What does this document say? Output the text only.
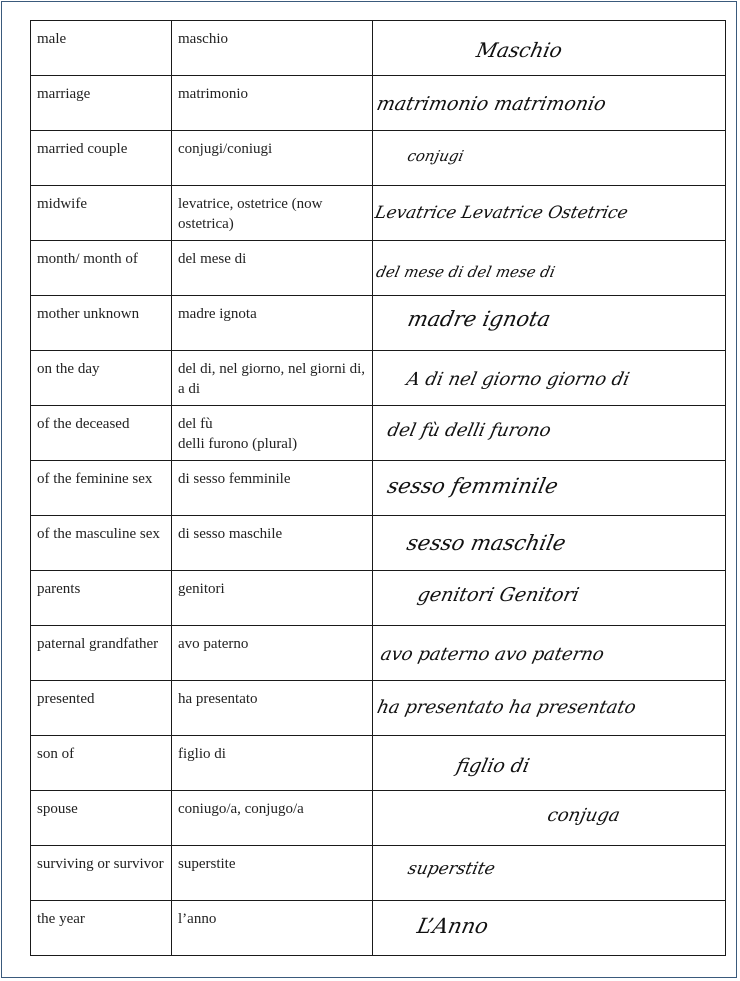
male	maschio	Maschio

marriage	matrimonio	matrimonio matrimonio

married couple	conjugi/coniugi	conjugi

midwife	levatrice, ostetrice (now ostetrica)	Levatrice Levatrice Ostetrice

month/ month of	del mese di	del mese di del mese di

mother unknown	madre ignota	madre ignota

on the day	del di, nel giorno, nel giorni di, a di	A di nel giorno giorno di

of the deceased	del fù
delli furono (plural)	del fù delli furono

of the feminine sex	di sesso femminile	sesso femminile

of the masculine sex	di sesso maschile	sesso maschile

parents	genitori	genitori Genitori

paternal grandfather	avo paterno	avo paterno avo paterno

presented	ha presentato	ha presentato ha presentato

son of	figlio di	figlio di

spouse	coniugo/a, conjugo/a	conjuga

surviving or survivor	superstite	superstite

the year	l’anno	L’Anno
